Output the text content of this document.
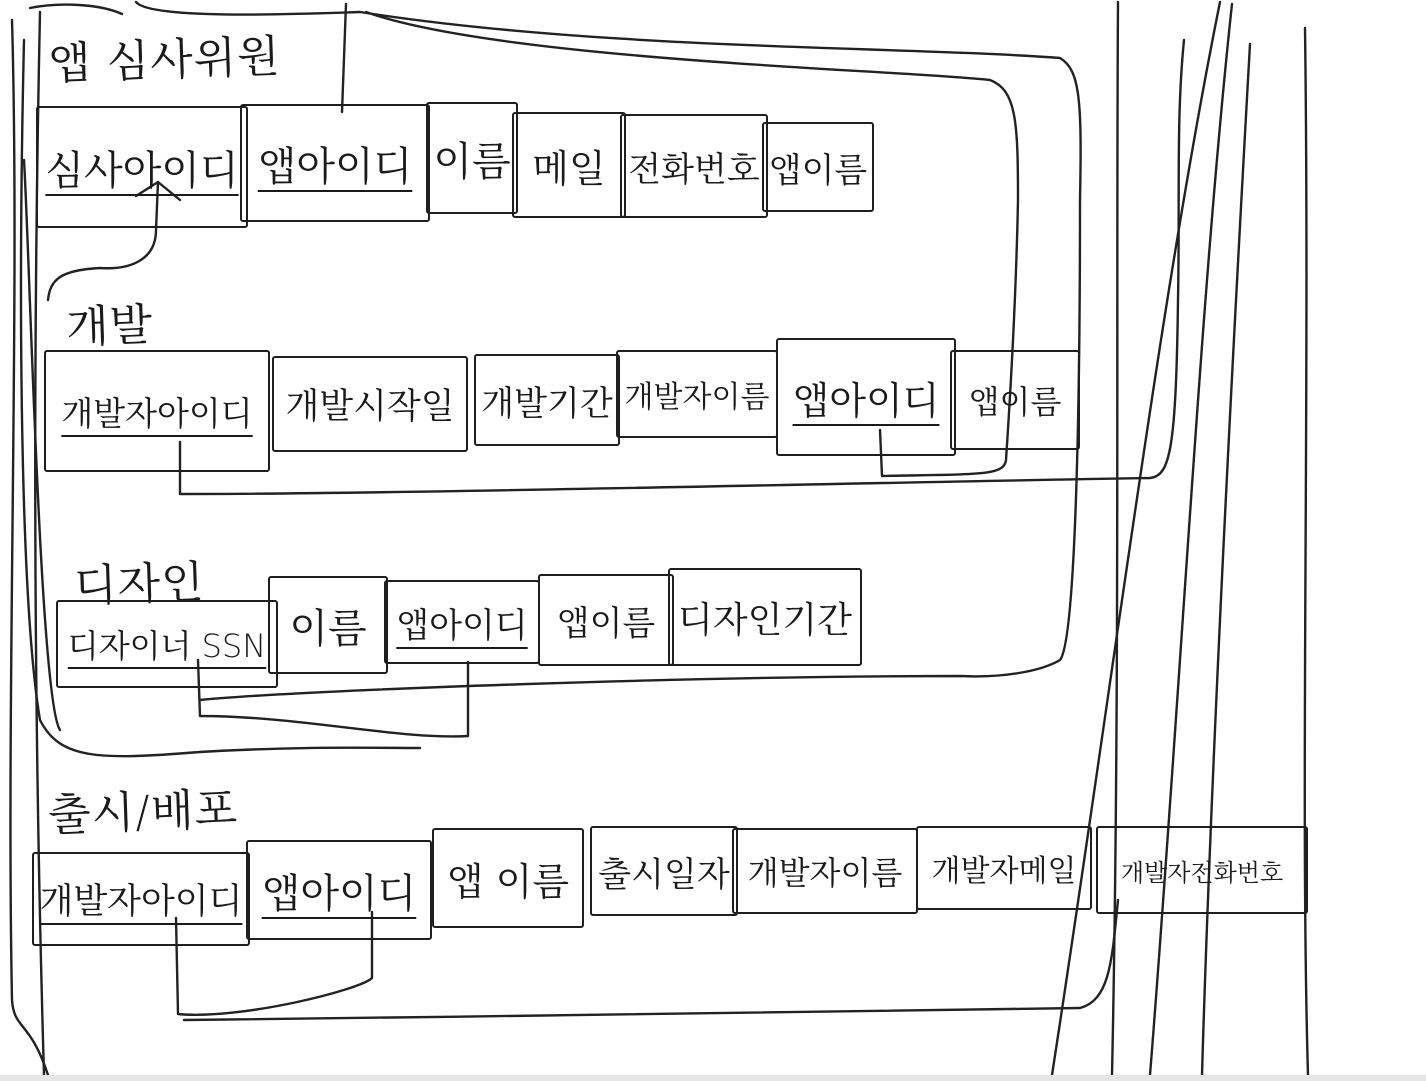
앱 심사위원
심사아이디 앱아이디 이름 메일 전화번호 앱이름
개발
개발자아이디 개발시작일 개발기간 개발자이름 앱아이디 앱이름
디자인
디자이너 SSN 이름 앱아이디 앱이름 디자인기간
출시/배포
개발자아이디 앱아이디 앱 이름 출시일자 개발자이름 개발자메일 개발자전화번호
